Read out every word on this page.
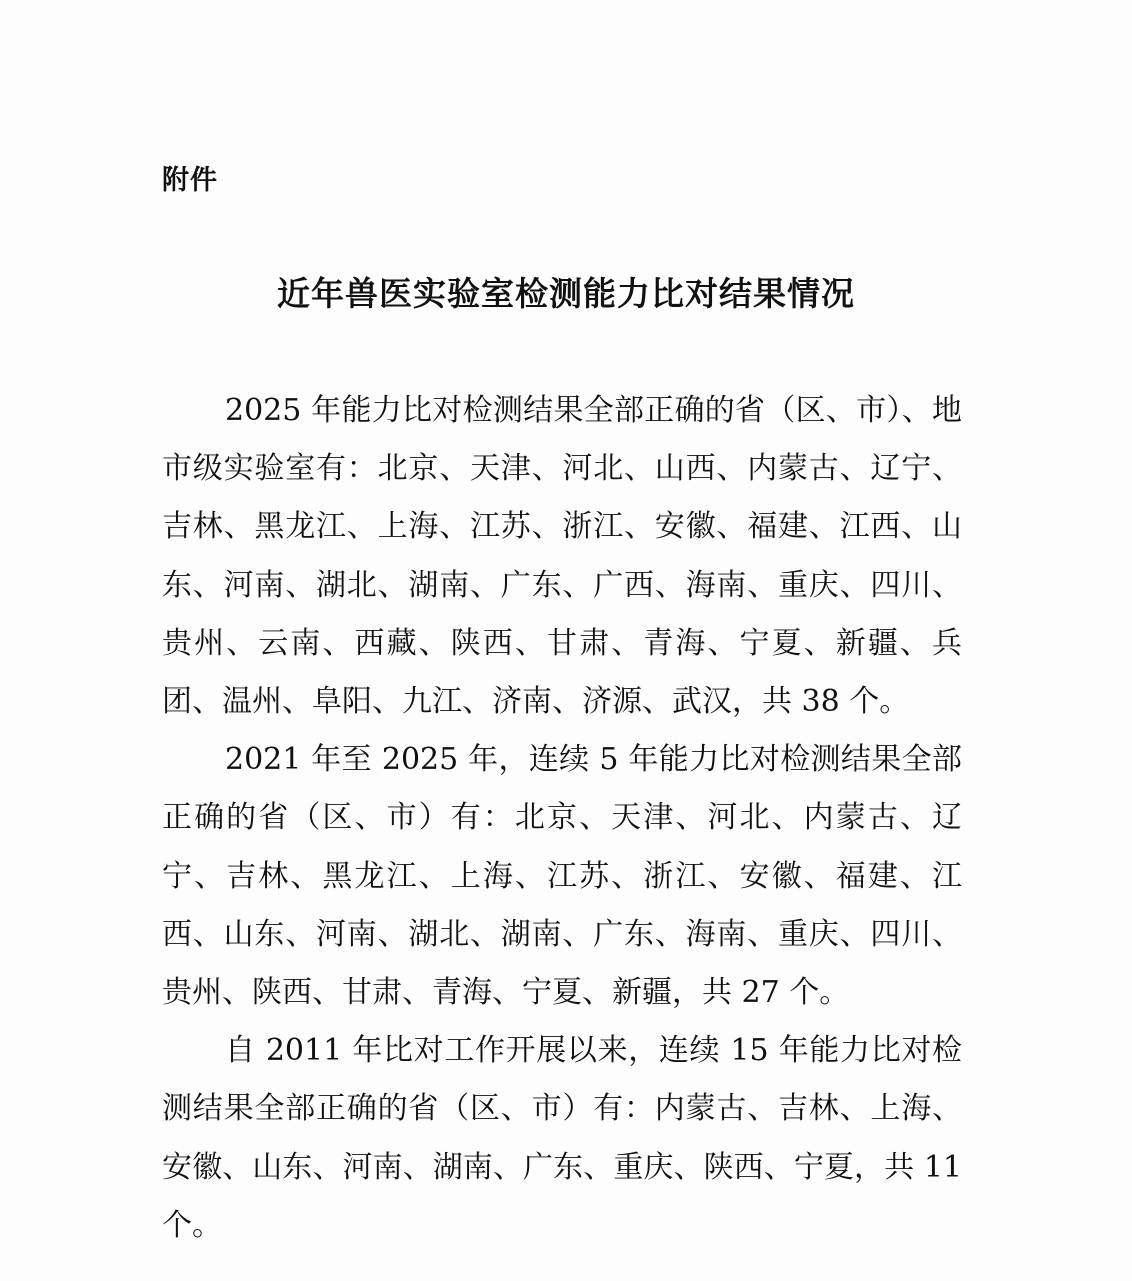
附件
近年兽医实验室检测能力比对结果情况

2025 年能力比对检测结果全部正确的省（区、市）、地市级实验室有：北京、天津、河北、山西、内蒙古、辽宁、吉林、黑龙江、上海、江苏、浙江、安徽、福建、江西、山东、河南、湖北、湖南、广东、广西、海南、重庆、四川、贵州、云南、西藏、陕西、甘肃、青海、宁夏、新疆、兵团、温州、阜阳、九江、济南、济源、武汉，共 38 个。

2021 年至 2025 年，连续 5 年能力比对检测结果全部正确的省（区、市）有：北京、天津、河北、内蒙古、辽宁、吉林、黑龙江、上海、江苏、浙江、安徽、福建、江西、山东、河南、湖北、湖南、广东、海南、重庆、四川、贵州、陕西、甘肃、青海、宁夏、新疆，共 27 个。

自 2011 年比对工作开展以来，连续 15 年能力比对检测结果全部正确的省（区、市）有：内蒙古、吉林、上海、安徽、山东、河南、湖南、广东、重庆、陕西、宁夏，共 11 个。
